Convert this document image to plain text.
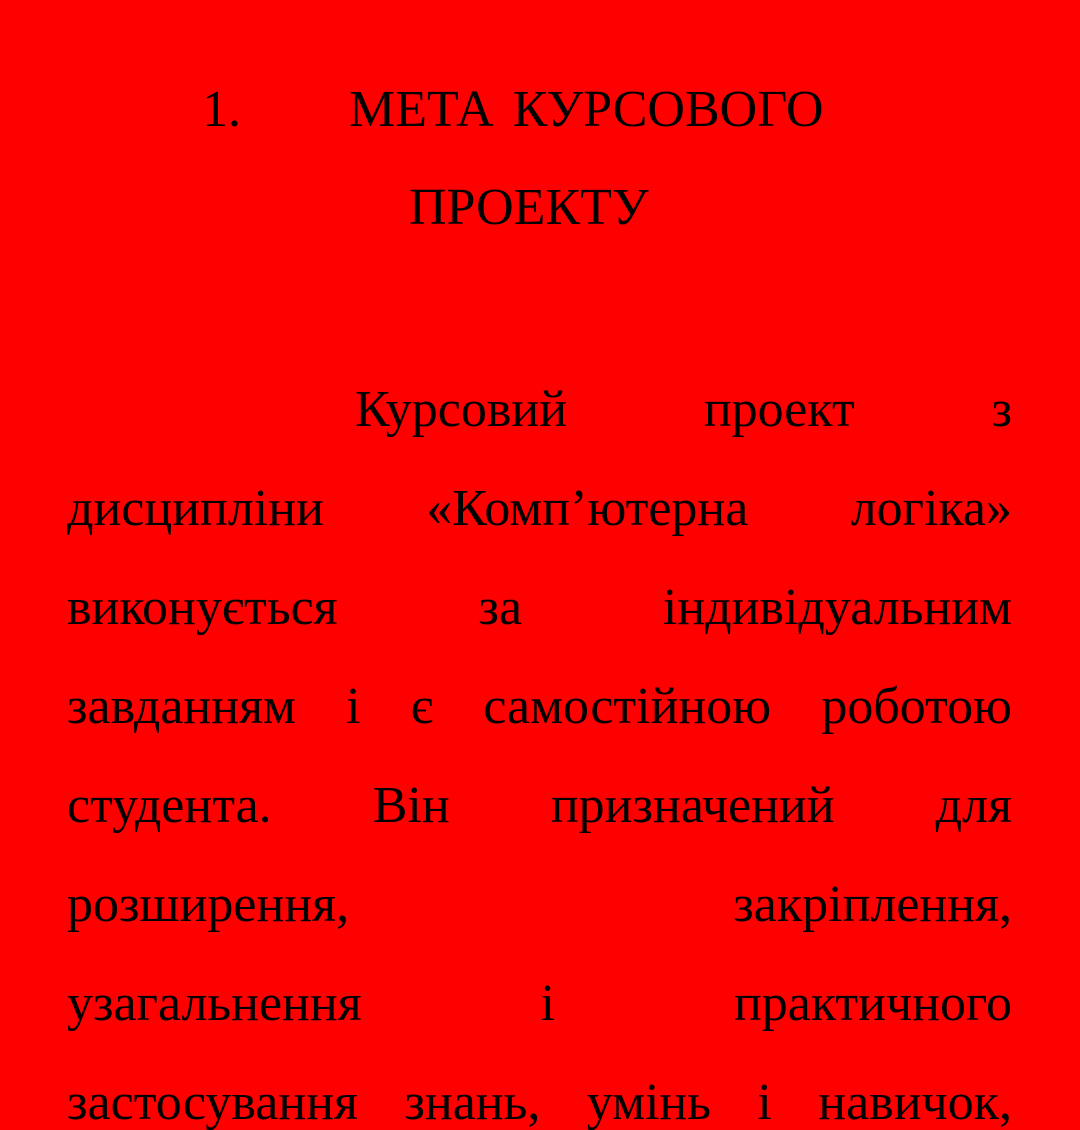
1. МЕТА КУРСОВОГО
ПРОЕКТУ
Курсовий	проект	з
дисципліни «Комп’ютерна логіка»
виконується	за	індивідуальним
завданням і є самостійною роботою
студента. Він призначений для
розширення,	закріплення,
узагальнення	і	практичного
застосування знань, умінь і навичок,
